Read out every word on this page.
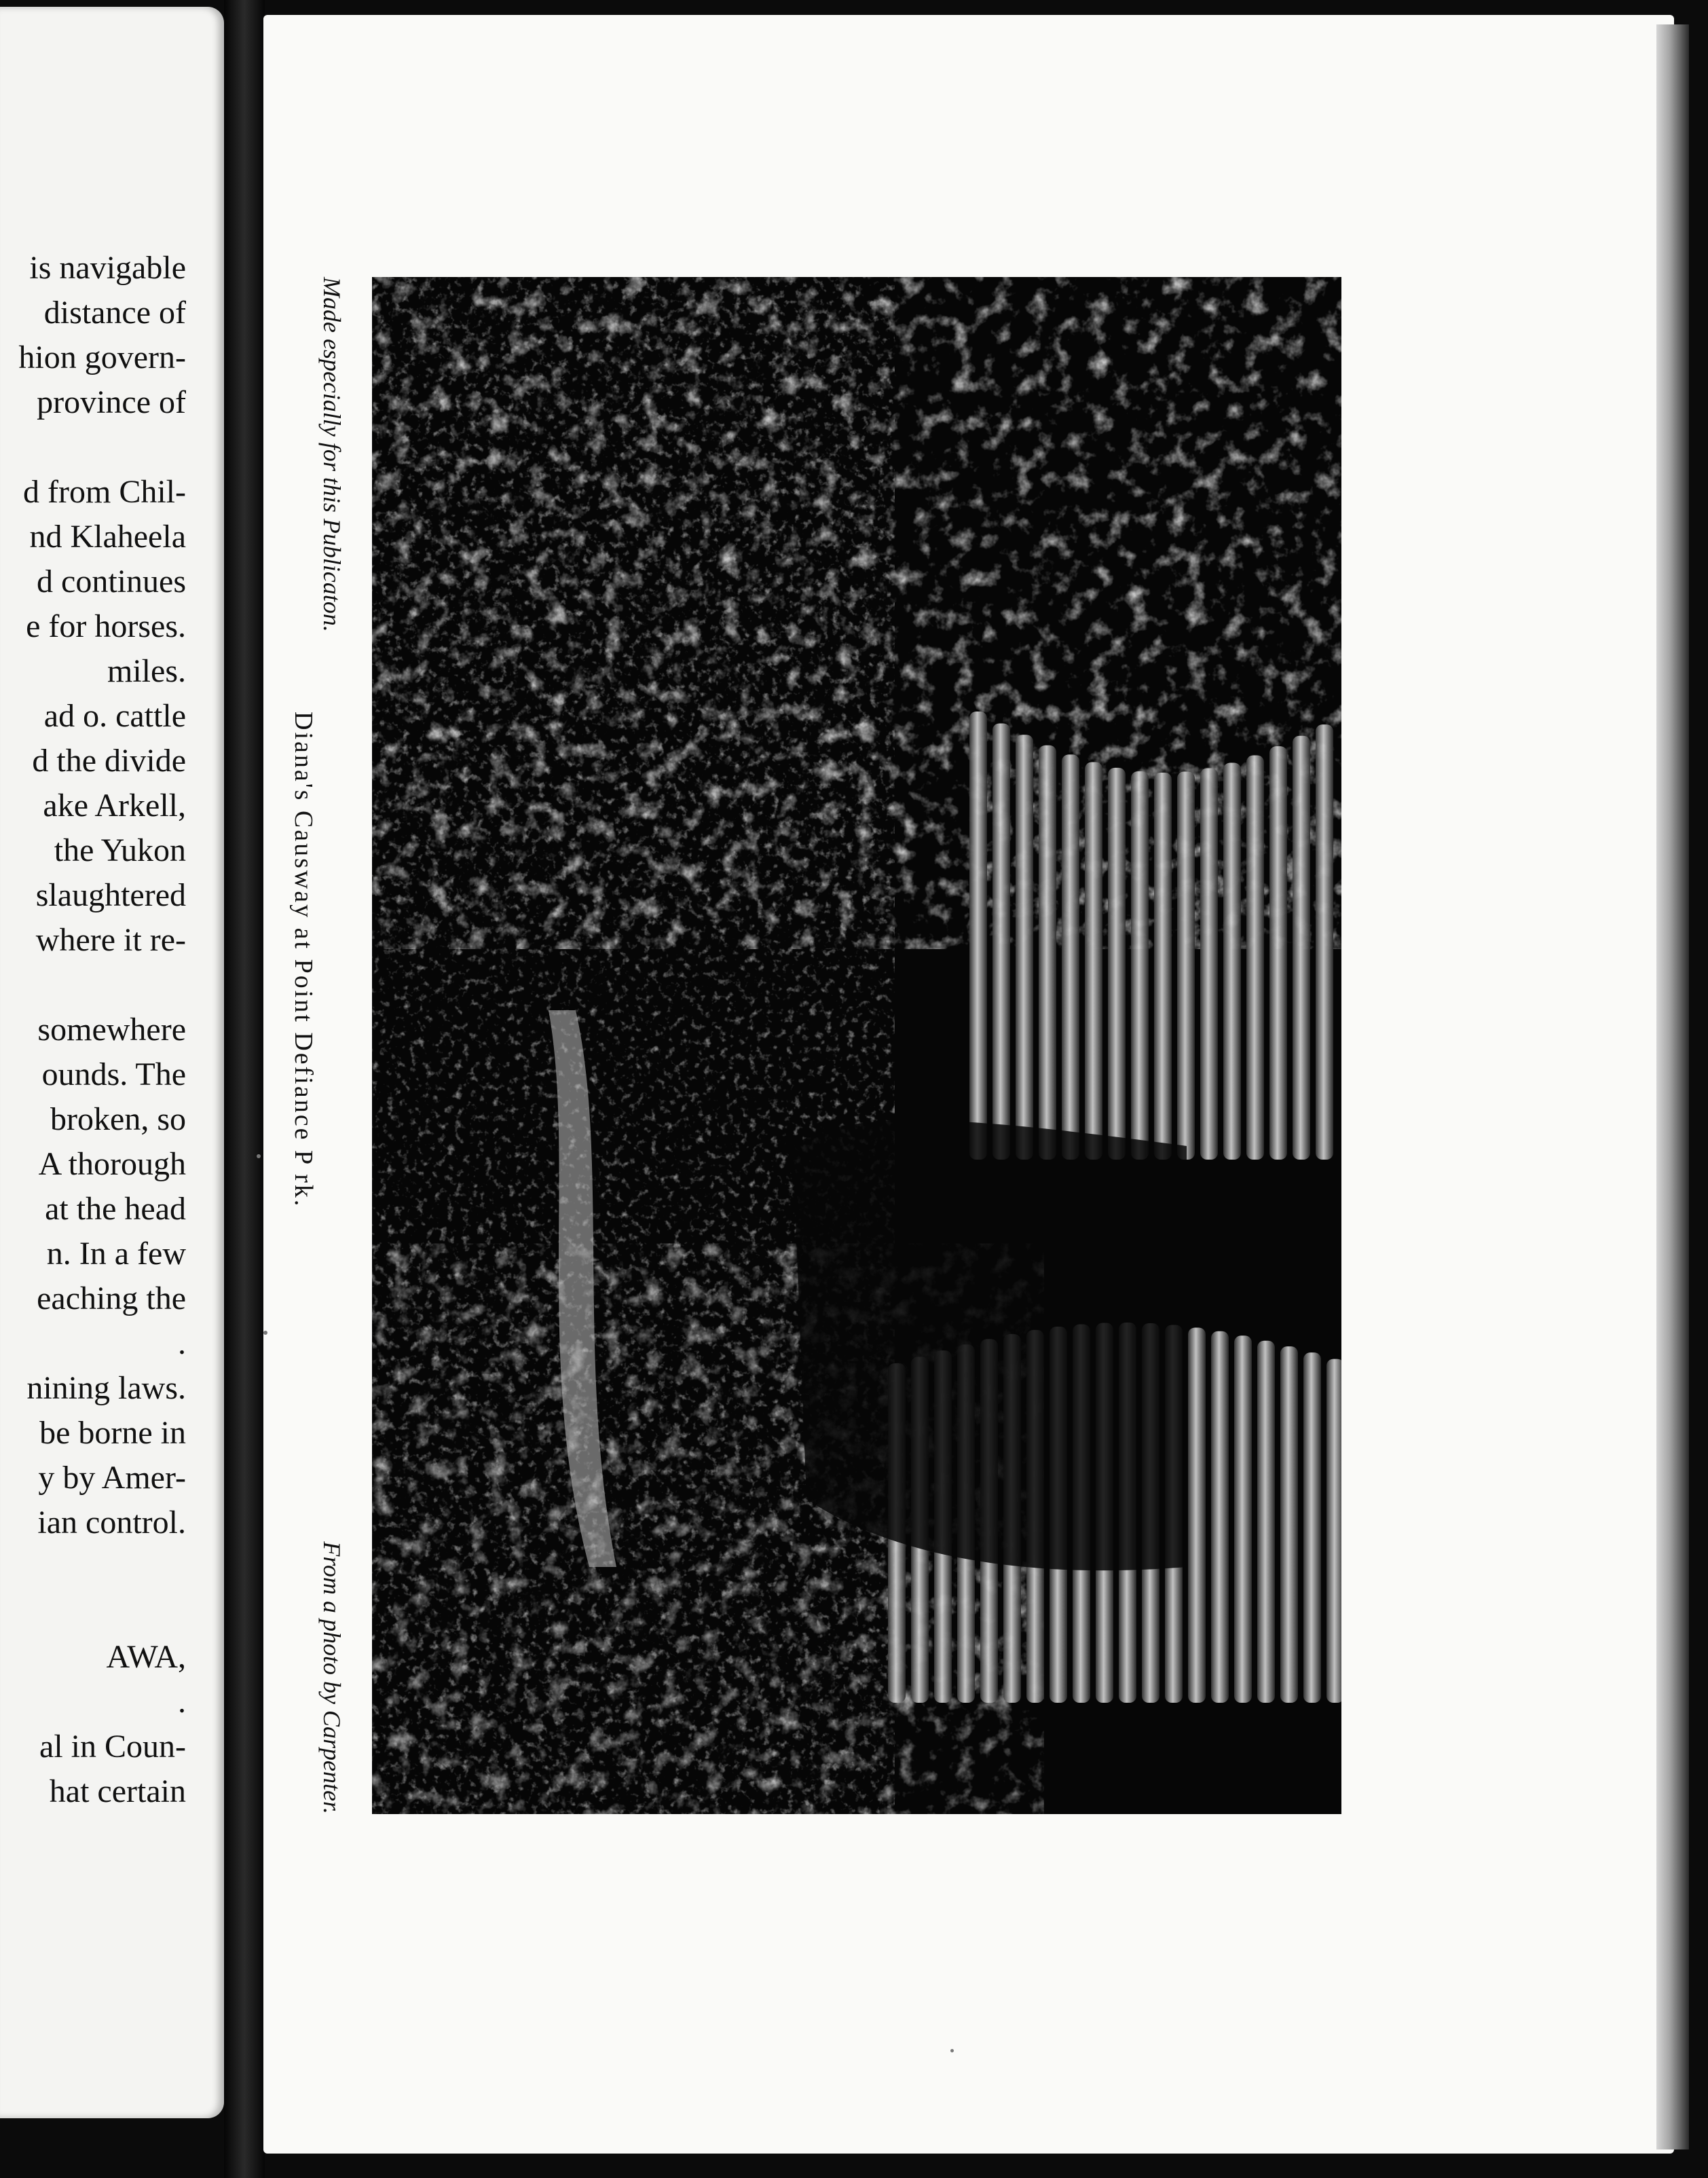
is navigable
distance of
hion govern-
province of

d from Chil-
nd Klaheela
d continues
e for horses.
miles.
ad o. cattle
d the divide
ake Arkell,
the Yukon
slaughtered
where it re-

somewhere
ounds. The
broken, so
A thorough
at the head
n. In a few
eaching the
.
nining laws.
be borne in
y by Amer-
ian control.

AWA,
.
al in Coun-
hat certain
Made especially for this Publicaton.
From a photo by Carpenter.
Diana's Causway at Point Defiance P rk.
